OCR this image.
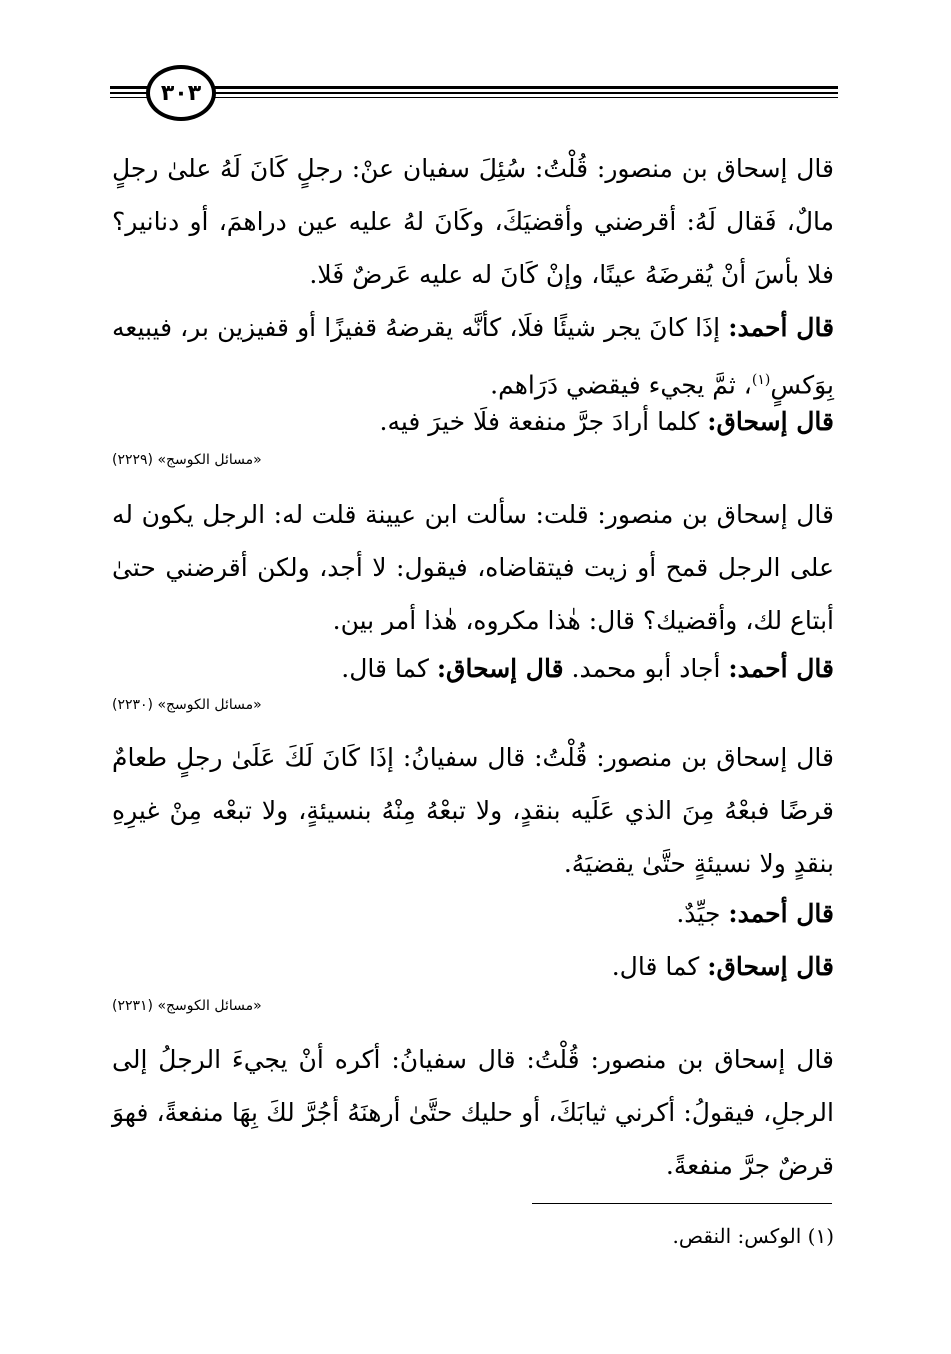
٣٠٣

قال إسحاق بن منصور: قُلْتُ: سُئِلَ سفيان عنْ: رجلٍ كَانَ لَهُ علىٰ رجلٍ مالٌ، فَقال لَهُ: أقرضني وأقضيَكَ، وكَانَ لهُ عليه عين دراهمَ، أو دنانير؟ فلا بأسَ أنْ يُقرضَهُ عينًا، وإنْ كَانَ له عليه عَرضٌ فَلا.

قال أحمد: إذَا كانَ يجر شيئًا فلَا، كأنَّه يقرضهُ قفيزًا أو قفيزين بر، فيبيعه بِوَكسٍ$^{(١)}$، ثمَّ يجيء فيقضي دَرَاهم.

قال إسحاق: كلما أرادَ جرَّ منفعة فلَا خيرَ فيه.

«مسائل الكوسج» (٢٢٢٩)

قال إسحاق بن منصور: قلت: سألت ابن عيينة قلت له: الرجل يكون له على الرجل قمح أو زيت فيتقاضاه، فيقول: لا أجد، ولكن أقرضني حتىٰ أبتاع لك، وأقضيك؟ قال: هٰذا مكروه، هٰذا أمر بين.

قال أحمد: أجاد أبو محمد. قال إسحاق: كما قال.

«مسائل الكوسج» (٢٢٣٠)

قال إسحاق بن منصور: قُلْتُ: قال سفيانُ: إذَا كَانَ لَكَ عَلَىٰ رجلٍ طعامٌ قرضًا فبعْهُ مِنَ الذي عَلَيه بنقدٍ، ولا تبعْهُ مِنْهُ بنسيئةٍ، ولا تبعْه مِنْ غيرِهِ بنقدٍ ولا نسيئةٍ حتَّىٰ يقضيَهُ.

قال أحمد: جيِّدٌ.

قال إسحاق: كما قال.

«مسائل الكوسج» (٢٢٣١)

قال إسحاق بن منصور: قُلْتُ: قال سفيانُ: أكره أنْ يجيءَ الرجلُ إلى الرجلِ، فيقولُ: أكرني ثيابَكَ، أو حليك حتَّىٰ أرهنَهُ أجُرَّ لكَ بِهَا منفعةً، فهوَ قرضٌ جرَّ منفعةً.

(١) الوكس: النقص.
